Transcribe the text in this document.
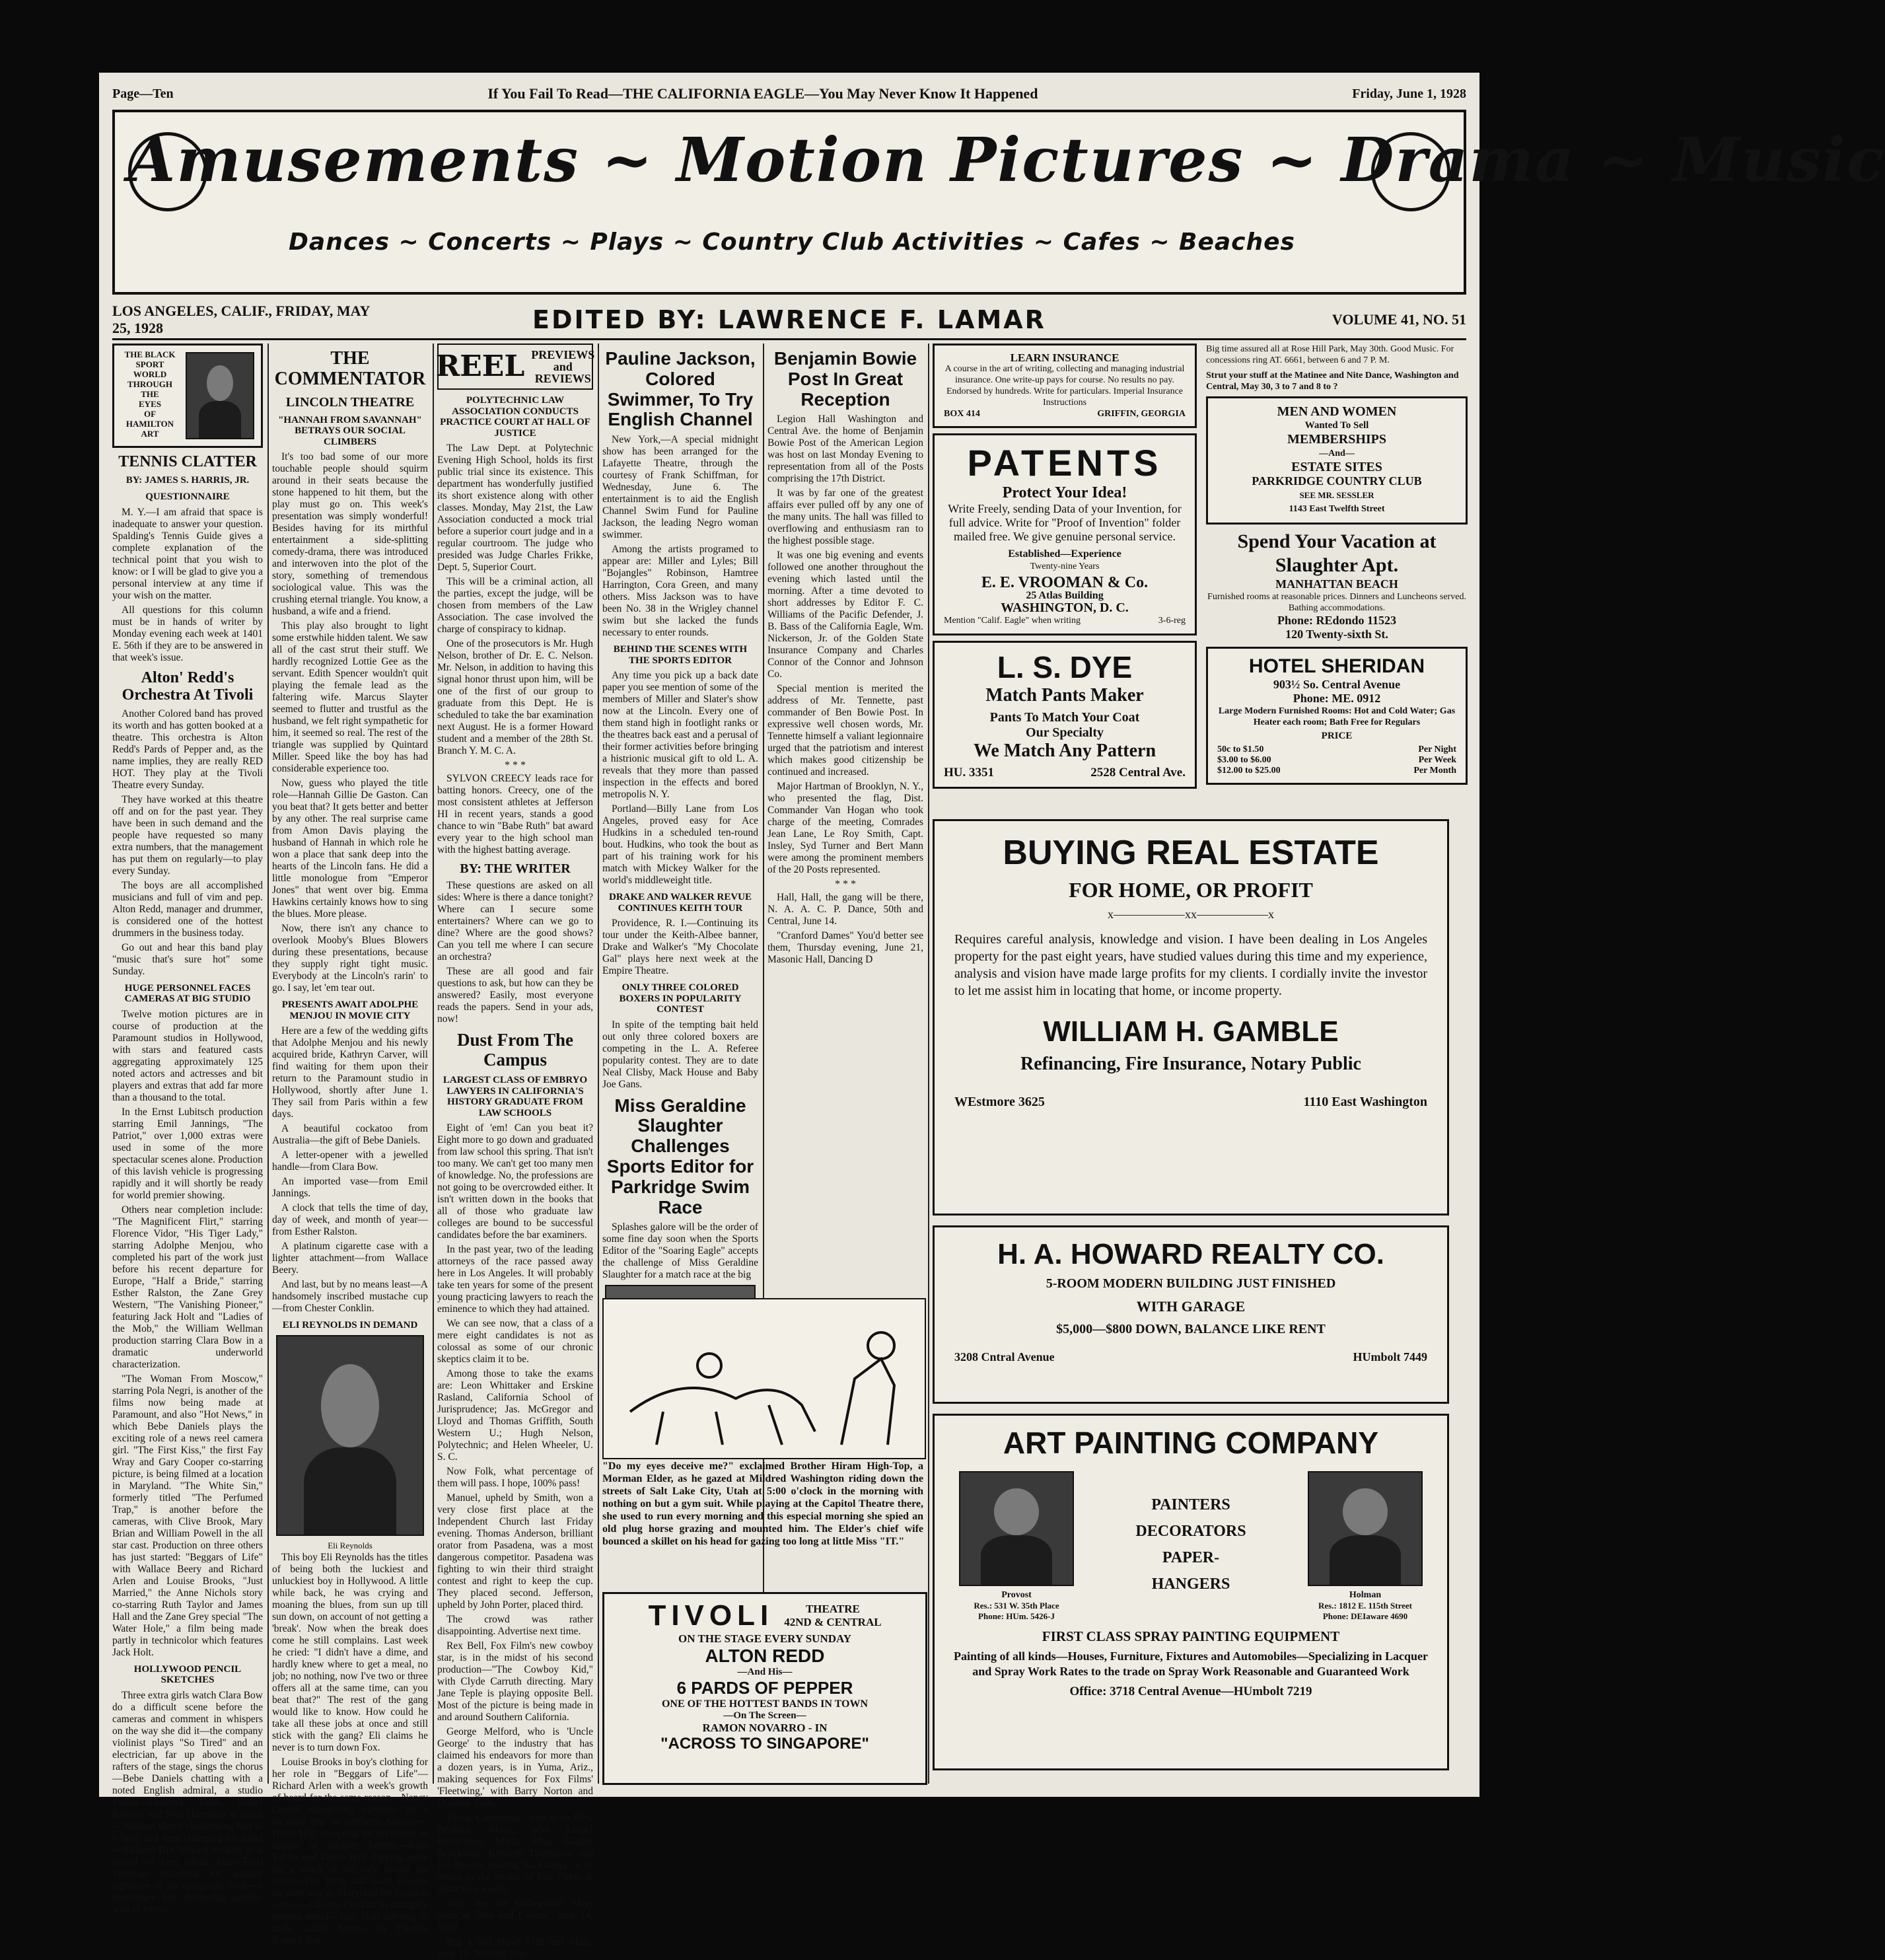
Page—Ten	If You Fail To Read—THE CALIFORNIA EAGLE—You May Never Know It Happened	Friday, June 1, 1928
Amusements ~ Motion Pictures ~ Drama ~ Music
Dances ~ Concerts ~ Plays ~ Country Club Activities ~ Cafes ~ Beaches
LOS ANGELES, CALIF., FRIDAY, MAY 25, 1928	EDITED BY: LAWRENCE F. LAMAR	VOLUME 41, NO. 51
THE BLACK
SPORT
WORLD
THROUGH
THE
EYES
OF
HAMILTON
ART
TENNIS CLATTER
BY: JAMES S. HARRIS, JR.
QUESTIONNAIRE

M. Y.—I am afraid that space is inadequate to answer your question. Spalding's Tennis Guide gives a complete explanation of the technical point that you wish to know: or I will be glad to give you a personal interview at any time if your wish on the matter.

All questions for this column must be in hands of writer by Monday evening each week at 1401 E. 56th if they are to be answered in that week's issue.

Alton' Redd's Orchestra At Tivoli

Another Colored band has proved its worth and has gotten booked at a theatre. This orchestra is Alton Redd's Pards of Pepper and, as the name implies, they are really RED HOT. They play at the Tivoli Theatre every Sunday.

They have worked at this theatre off and on for the past year. They have been in such demand and the people have requested so many extra numbers, that the management has put them on regularly—to play every Sunday.

The boys are all accomplished musicians and full of vim and pep. Alton Redd, manager and drummer, is considered one of the hottest drummers in the business today.

Go out and hear this band play "music that's sure hot" some Sunday.

HUGE PERSONNEL FACES CAMERAS AT BIG STUDIO

Twelve motion pictures are in course of production at the Paramount studios in Hollywood, with stars and featured casts aggregating approximately 125 noted actors and actresses and bit players and extras that add far more than a thousand to the total.

In the Ernst Lubitsch production starring Emil Jannings, "The Patriot," over 1,000 extras were used in some of the more spectacular scenes alone. Production of this lavish vehicle is progressing rapidly and it will shortly be ready for world premier showing.

Others near completion include: "The Magnificent Flirt," starring Florence Vidor, "His Tiger Lady," starring Adolphe Menjou, who completed his part of the work just before his recent departure for Europe, "Half a Bride," starring Esther Ralston, the Zane Grey Western, "The Vanishing Pioneer," featuring Jack Holt and "Ladies of the Mob," the William Wellman production starring Clara Bow in a dramatic underworld characterization.

"The Woman From Moscow," starring Pola Negri, is another of the films now being made at Paramount, and also "Hot News," in which Bebe Daniels plays the exciting role of a news reel camera girl. "The First Kiss," the first Fay Wray and Gary Cooper co-starring picture, is being filmed at a location in Maryland. "The White Sin," formerly titled "The Perfumed Trap," is another before the cameras, with Clive Brook, Mary Brian and William Powell in the all star cast. Production on three others has just started: "Beggars of Life" with Wallace Beery and Richard Arlen and Louise Brooks, "Just Married," the Anne Nichols story co-starring Ruth Taylor and James Hall and the Zane Grey special "The Water Hole," a film being made partly in technicolor which features Jack Holt.

HOLLYWOOD PENCIL SKETCHES

Three extra girls watch Clara Bow do a difficult scene before the cameras and comment in whispers on the way she did it—the company violinist plays "So Tired" and an electrician, far up above in the rafters of the stage, sings the chorus—Bebe Daniels chatting with a noted English admiral, a studio visitor—Florence Vidor, Esther Ralston and Neil Hamilton at lunch—Wallace Beery challenging him to a bout and then changing his mind—Richard Dix bowing wearily as a crowd of fans salute him—Emil Jannings inscribing his angular signature in an autograph book—a messenger boy delivering another wad of letters.

THE COMMENTATOR
LINCOLN THEATRE
"HANNAH FROM SAVANNAH" BETRAYS OUR SOCIAL CLIMBERS

It's too bad some of our more touchable people should squirm around in their seats because the stone happened to hit them, but the play must go on. This week's presentation was simply wonderful! Besides having for its mirthful entertainment a side-splitting comedy-drama, there was introduced and interwoven into the plot of the story, something of tremendous sociological value. This was the crushing eternal triangle. You know, a husband, a wife and a friend.

This play also brought to light some erstwhile hidden talent. We saw all of the cast strut their stuff. We hardly recognized Lottie Gee as the servant. Edith Spencer wouldn't quit playing the female lead as the faltering wife. Marcus Slayter seemed to flutter and trustful as the husband, we felt right sympathetic for him, it seemed so real. The rest of the triangle was supplied by Quintard Miller. Speed like the boy has had considerable experience too.

Now, guess who played the title role—Hannah Gillie De Gaston. Can you beat that? It gets better and better by any other. The real surprise came from Amon Davis playing the husband of Hannah in which role he won a place that sank deep into the hearts of the Lincoln fans. He did a little monologue from "Emperor Jones" that went over big. Emma Hawkins certainly knows how to sing the blues. More please.

Now, there isn't any chance to overlook Mooby's Blues Blowers during these presentations, because they supply right tight music. Everybody at the Lincoln's rarin' to go. I say, let 'em tear out.

PRESENTS AWAIT ADOLPHE MENJOU IN MOVIE CITY

Here are a few of the wedding gifts that Adolphe Menjou and his newly acquired bride, Kathryn Carver, will find waiting for them upon their return to the Paramount studio in Hollywood, shortly after June 1. They sail from Paris within a few days.

A beautiful cockatoo from Australia—the gift of Bebe Daniels.

A letter-opener with a jewelled handle—from Clara Bow.

An imported vase—from Emil Jannings.

A clock that tells the time of day, day of week, and month of year—from Esther Ralston.

A platinum cigarette case with a lighter attachment—from Wallace Beery.

And last, but by no means least—A handsomely inscribed mustache cup—from Chester Conklin.

ELI REYNOLDS IN DEMAND
Eli Reynolds

This boy Eli Reynolds has the titles of being both the luckiest and unluckiest boy in Hollywood. A little while back, he was crying and moaning the blues, from sun up till sun down, on account of not getting a 'break'. Now when the break does come he still complains. Last week he cried: "I didn't have a dime, and hardly knew where to get a meal, no job; no nothing, now I've two or three offers all at the same time, can you beat that?" The rest of the gang would like to know. How could he take all these jobs at once and still stick with the gang? Eli claims he never is to turn down Fox.

Louise Brooks in boy's clothing for her role in "Beggars of Life"—Richard Arlen with a week's growth of beard for the same reason—Nancy Carroll assembling wardrobe for a location trip to northern Arizona—Doris Hill accepting an invitation to appear at another benefit—Ruth Taylor and James Hall slipping away for a snack at the cafe across the street—Fay Wray and Gary Cooper on their way to Maryland for location scenes—Chester Conklin in strangely solemn mood—Jack Holt offering to trade saddle horses for Charles Rogers' dog.

REEL PREVIEWS and REVIEWS
POLYTECHNIC LAW ASSOCIATION CONDUCTS PRACTICE COURT AT HALL OF JUSTICE

The Law Dept. at Polytechnic Evening High School, holds its first public trial since its existence. This department has wonderfully justified its short existence along with other classes. Monday, May 21st, the Law Association conducted a mock trial before a superior court judge and in a regular courtroom. The judge who presided was Judge Charles Frikke, Dept. 5, Superior Court.

This will be a criminal action, all the parties, except the judge, will be chosen from members of the Law Association. The case involved the charge of conspiracy to kidnap.

One of the prosecutors is Mr. Hugh Nelson, brother of Dr. E. C. Nelson. Mr. Nelson, in addition to having this signal honor thrust upon him, will be one of the first of our group to graduate from this Dept. He is scheduled to take the bar examination next August. He is a former Howard student and a member of the 28th St. Branch Y. M. C. A.

* * *

SYLVON CREECY leads race for batting honors. Creecy, one of the most consistent athletes at Jefferson HI in recent years, stands a good chance to win "Babe Ruth" bat award every year to the high school man with the highest batting average.

BY: THE WRITER

These questions are asked on all sides: Where is there a dance tonight? Where can I secure some entertainers? Where can we go to dine? Where are the good shows? Can you tell me where I can secure an orchestra?

These are all good and fair questions to ask, but how can they be answered? Easily, most everyone reads the papers. Send in your ads, now!

Dust From The Campus
LARGEST CLASS OF EMBRYO LAWYERS IN CALIFORNIA'S HISTORY GRADUATE FROM LAW SCHOOLS

Eight of 'em! Can you beat it? Eight more to go down and graduated from law school this spring. That isn't too many. We can't get too many men of knowledge. No, the professions are not going to be overcrowded either. It isn't written down in the books that all of those who graduate law colleges are bound to be successful candidates before the bar examiners.

In the past year, two of the leading attorneys of the race passed away here in Los Angeles. It will probably take ten years for some of the present young practicing lawyers to reach the eminence to which they had attained.

We can see now, that a class of a mere eight candidates is not as colossal as some of our chronic skeptics claim it to be.

Among those to take the exams are: Leon Whittaker and Erskine Rasland, California School of Jurisprudence; Jas. McGregor and Lloyd and Thomas Griffith, South Western U.; Hugh Nelson, Polytechnic; and Helen Wheeler, U. S. C.

Now Folk, what percentage of them will pass. I hope, 100% pass!

Manuel, upheld by Smith, won a very close first place at the Independent Church last Friday evening. Thomas Anderson, brilliant orator from Pasadena, was a most dangerous competitor. Pasadena was fighting to win their third straight contest and right to keep the cup. They placed second. Jefferson, upheld by John Porter, placed third.

The crowd was rather disappointing. Advertise next time.

Rex Bell, Fox Film's new cowboy star, is in the midst of his second production—"The Cowboy Kid," with Clyde Carruth directing. Mary Jane Teple is playing opposite Bell. Most of the picture is being made in and around Southern California.

George Melford, who is 'Uncle George' to the industry that has claimed his endeavors for more than a dozen years, is in Yuma, Ariz., making sequences for Fox Films' 'Fleetwing,' with Barry Norton and Dorothy Janis.

Irving Cummings, who is in New Bedford, Mass., with Lionel Barrymore, Maria Alba, Gladys Brockwell, Kenneth Thompson and Joe Brown, making 'La Gringa,' is to return to the studio of Fox Films in about two weeks.

Who are the Collegians? Meet them at 50th and Central, June 14, 1928.

Big 4 and Howl 15th and Main, June 19. Novelty Nite.

Pauline Jackson, Colored Swimmer, To Try English Channel

New York,—A special midnight show has been arranged for the Lafayette Theatre, through the courtesy of Frank Schiffman, for Wednesday, June 6. The entertainment is to aid the English Channel Swim Fund for Pauline Jackson, the leading Negro woman swimmer.

Among the artists programed to appear are: Miller and Lyles; Bill "Bojangles" Robinson, Hamtree Harrington, Cora Green, and many others. Miss Jackson was to have been No. 38 in the Wrigley channel swim but she lacked the funds necessary to enter rounds.

BEHIND THE SCENES WITH THE SPORTS EDITOR

Any time you pick up a back date paper you see mention of some of the members of Miller and Slater's show now at the Lincoln. Every one of them stand high in footlight ranks or the theatres back east and a perusal of their former activities before bringing a histrionic musical gift to old L. A. reveals that they more than passed inspection in the effects and bored metropolis N. Y.

Portland—Billy Lane from Los Angeles, proved easy for Ace Hudkins in a scheduled ten-round bout. Hudkins, who took the bout as part of his training work for his match with Mickey Walker for the world's middleweight title.

DRAKE AND WALKER REVUE CONTINUES KEITH TOUR

Providence, R. I.—Continuing its tour under the Keith-Albee banner, Drake and Walker's "My Chocolate Gal" plays here next week at the Empire Theatre.

ONLY THREE COLORED BOXERS IN POPULARITY CONTEST

In spite of the tempting bait held out only three colored boxers are competing in the L. A. Referee popularity contest. They are to date Neal Clisby, Mack House and Baby Joe Gans.

Miss Geraldine Slaughter Challenges Sports Editor for Parkridge Swim Race

Splashes galore will be the order of some fine day soon when the Sports Editor of the "Soaring Eagle" accepts the challenge of Miss Geraldine Slaughter for a match race at the big

Benjamin Bowie Post In Great Reception

Legion Hall Washington and Central Ave. the home of Benjamin Bowie Post of the American Legion was host on last Monday Evening to representation from all of the Posts comprising the 17th District.

It was by far one of the greatest affairs ever pulled off by any one of the many units. The hall was filled to overflowing and enthusiasm ran to the highest possible stage.

It was one big evening and events followed one another throughout the evening which lasted until the morning. After a time devoted to short addresses by Editor F. C. Williams of the Pacific Defender, J. B. Bass of the California Eagle, Wm. Nickerson, Jr. of the Golden State Insurance Company and Charles Connor of the Connor and Johnson Co.

Special mention is merited the address of Mr. Tennette, past commander of Ben Bowie Post. In expressive well chosen words, Mr. Tennette himself a valiant legionnaire urged that the patriotism and interest which makes good citizenship be continued and increased.

Major Hartman of Brooklyn, N. Y., who presented the flag, Dist. Commander Van Hogan who took charge of the meeting, Comrades Jean Lane, Le Roy Smith, Capt. Insley, Syd Turner and Bert Mann were among the prominent members of the 20 Posts represented.

* * *

Hall, Hall, the gang will be there, N. A. A. C. P. Dance, 50th and Central, June 14.

"Cranford Dames" You'd better see them, Thursday evening, June 21, Masonic Hall, Dancing D

"Do my eyes deceive me?" exclaimed Brother Hiram High-Top, a Morman Elder, as he gazed at Mildred Washington riding down the streets of Salt Lake City, Utah at 5:00 o'clock in the morning with nothing on but a gym suit. While playing at the Capitol Theatre there, she used to run every morning and this especial morning she spied an old plug horse grazing and mounted him. The Elder's chief wife bounced a skillet on his head for gazing too long at little Miss "IT."
TIVOLI	THEATRE
42ND & CENTRAL
ON THE STAGE EVERY SUNDAY
ALTON REDD
—And His—
6 PARDS OF PEPPER
ONE OF THE HOTTEST BANDS IN TOWN
—On The Screen—
RAMON NOVARRO - IN
"ACROSS TO SINGAPORE"
LEARN INSURANCE
A course in the art of writing, collecting and managing industrial insurance. One write-up pays for course. No results no pay. Endorsed by hundreds. Write for particulars. Imperial Insurance Instructions
BOX 414	GRIFFIN, GEORGIA
PATENTS
Protect Your Idea!
Write Freely, sending Data of your Invention, for full advice. Write for "Proof of Invention" folder mailed free. We give genuine personal service.
Established—Experience
Twenty-nine Years
E. E. VROOMAN & Co.
25 Atlas Building
WASHINGTON, D. C.
Mention "Calif. Eagle" when writing	3-6-reg
L. S. DYE
Match Pants Maker
Pants To Match Your Coat
Our Specialty
We Match Any Pattern
HU. 3351	2528 Central Ave.
Big time assured all at Rose Hill Park, May 30th. Good Music. For concessions ring AT. 6661, between 6 and 7 P. M.
Strut your stuff at the Matinee and Nite Dance, Washington and Central, May 30, 3 to 7 and 8 to ?
MEN AND WOMEN
Wanted To Sell
MEMBERSHIPS
—And—
ESTATE SITES
PARKRIDGE COUNTRY CLUB
SEE MR. SESSLER
1143 East Twelfth Street
Spend Your Vacation at Slaughter Apt.
MANHATTAN BEACH
Furnished rooms at reasonable prices. Dinners and Luncheons served. Bathing accommodations.
Phone: REdondo 11523
120 Twenty-sixth St.
HOTEL SHERIDAN
903½ So. Central Avenue
Phone: ME. 0912
Large Modern Furnished Rooms: Hot and Cold Water; Gas Heater each room; Bath Free for Regulars
PRICE
50c to $1.50	Per Night
$3.00 to $6.00	Per Week
$12.00 to $25.00	Per Month
BUYING REAL ESTATE
FOR HOME, OR PROFIT
x——————xx——————x
Requires careful analysis, knowledge and vision. I have been dealing in Los Angeles property for the past eight years, have studied values during this time and my experience, analysis and vision have made large profits for my clients. I cordially invite the investor to let me assist him in locating that home, or income property.
WILLIAM H. GAMBLE
Refinancing, Fire Insurance, Notary Public
WEstmore 3625	1110 East Washington
H. A. HOWARD REALTY CO.
5-ROOM MODERN BUILDING JUST FINISHED
WITH GARAGE
$5,000—$800 DOWN, BALANCE LIKE RENT
3208 Cntral Avenue	HUmbolt 7449
ART PAINTING COMPANY
Provost
Res.: 531 W. 35th Place
Phone: HUm. 5426-J
PAINTERS
DECORATORS
PAPER-
HANGERS
Holman
Res.: 1812 E. 115th Street
Phone: DEIaware 4690
FIRST CLASS SPRAY PAINTING EQUIPMENT
Painting of all kinds—Houses, Furniture, Fixtures and Automobiles—Specializing in Lacquer and Spray Work Rates to the trade on Spray Work Reasonable and Guaranteed Work
Office: 3718 Central Avenue—HUmbolt 7219
